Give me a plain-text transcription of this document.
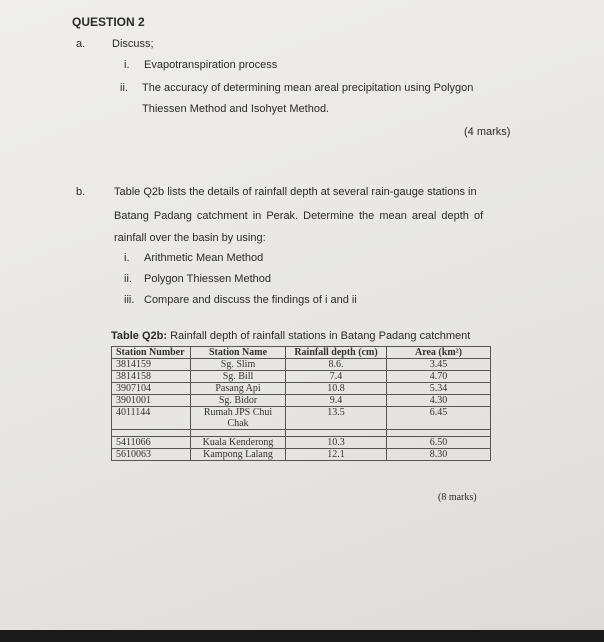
QUESTION 2
a. Discuss;
i. Evapotranspiration process
ii. The accuracy of determining mean areal precipitation using Polygon
Thiessen Method and Isohyet Method.
(4 marks)
b.	Table Q2b lists the details of rainfall depth at several rain-gauge stations in
Batang Padang catchment in Perak. Determine the mean areal depth of
rainfall over the basin by using:
i. Arithmetic Mean Method
ii. Polygon Thiessen Method
iii. Compare and discuss the findings of i and ii
Table Q2b: Rainfall depth of rainfall stations in Batang Padang catchment
Station Number	Station Name	Rainfall depth (cm)	Area (km²)
3814159	Sg. Slim	8.6.	3.45
3814158	Sg. Bill	7.4	4.70
3907104	Pasang Api	10.8	5.34
3901001	Sg. Bidor	9.4	4.30
4011144	Rumah JPS Chui Chak	13.5	6.45

5411066	Kuala Kenderong	10.3	6.50
5610063	Kampong Lalang	12.1	8.30
(8 marks)
